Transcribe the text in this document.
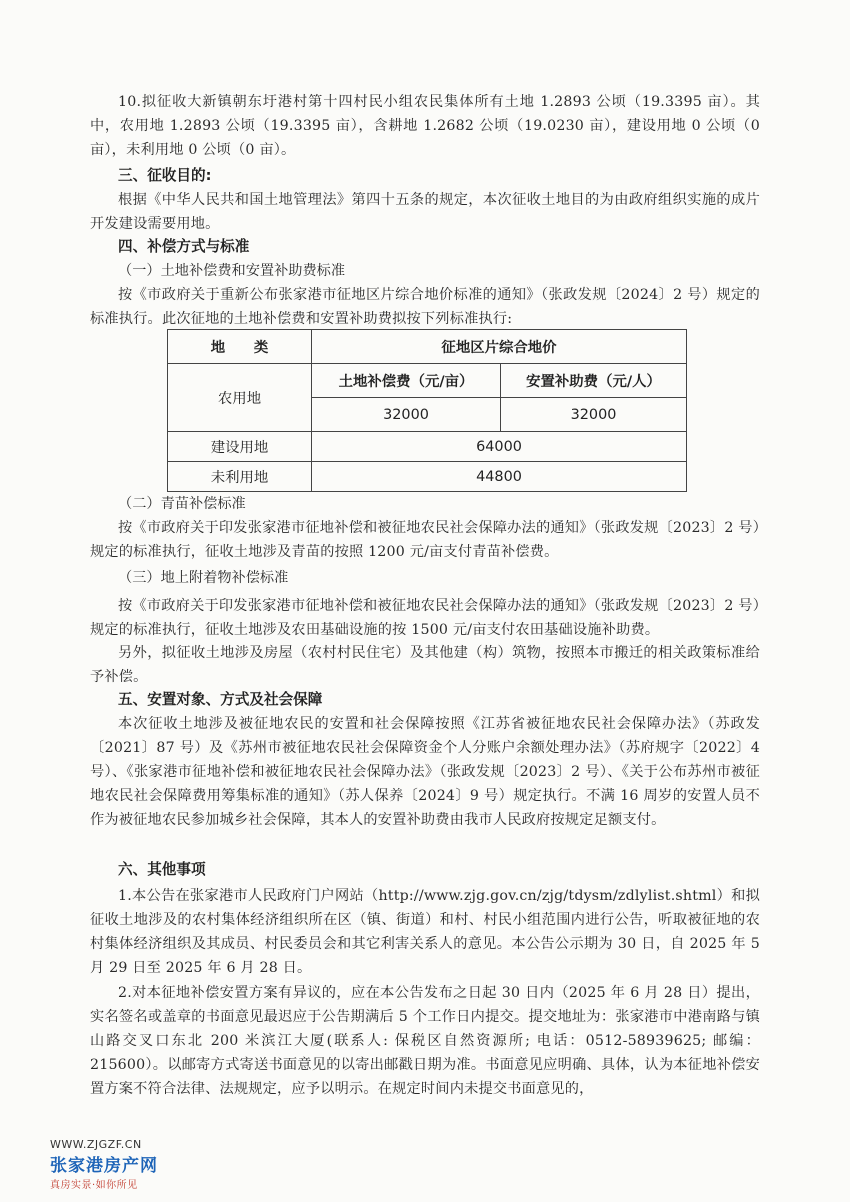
10.拟征收大新镇朝东圩港村第十四村民小组农民集体所有土地 1.2893 公顷（19.3395 亩）。其中，农用地 1.2893 公顷（19.3395 亩），含耕地 1.2682 公顷（19.0230 亩），建设用地 0 公顷（0 亩），未利用地 0 公顷（0 亩）。
三、征收目的:
根据《中华人民共和国土地管理法》第四十五条的规定，本次征收土地目的为由政府组织实施的成片开发建设需要用地。
四、补偿方式与标准
（一）土地补偿费和安置补助费标准
按《市政府关于重新公布张家港市征地区片综合地价标准的通知》（张政发规〔2024〕2 号）规定的标准执行。此次征地的土地补偿费和安置补助费拟按下列标准执行:
地　　类	征地区片综合地价	
农用地	土地补偿费（元/亩）	安置补助费（元/人）
	32000	32000
建设用地	64000	
未利用地	44800	
（二）青苗补偿标准
按《市政府关于印发张家港市征地补偿和被征地农民社会保障办法的通知》（张政发规〔2023〕2 号）规定的标准执行，征收土地涉及青苗的按照 1200 元/亩支付青苗补偿费。
（三）地上附着物补偿标准
按《市政府关于印发张家港市征地补偿和被征地农民社会保障办法的通知》（张政发规〔2023〕2 号）规定的标准执行，征收土地涉及农田基础设施的按 1500 元/亩支付农田基础设施补助费。
另外，拟征收土地涉及房屋（农村村民住宅）及其他建（构）筑物，按照本市搬迁的相关政策标准给予补偿。
五、安置对象、方式及社会保障
本次征收土地涉及被征地农民的安置和社会保障按照《江苏省被征地农民社会保障办法》（苏政发〔2021〕87 号）及《苏州市被征地农民社会保障资金个人分账户余额处理办法》（苏府规字〔2022〕4 号）、《张家港市征地补偿和被征地农民社会保障办法》（张政发规〔2023〕2 号）、《关于公布苏州市被征地农民社会保障费用筹集标准的通知》（苏人保养〔2024〕9 号）规定执行。不满 16 周岁的安置人员不作为被征地农民参加城乡社会保障，其本人的安置补助费由我市人民政府按规定足额支付。
六、其他事项
1.本公告在张家港市人民政府门户网站（http://www.zjg.gov.cn/zjg/tdysm/zdlylist.shtml）和拟征收土地涉及的农村集体经济组织所在区（镇、街道）和村、村民小组范围内进行公告，听取被征地的农村集体经济组织及其成员、村民委员会和其它利害关系人的意见。本公告公示期为 30 日，自 2025 年 5 月 29 日至 2025 年 6 月 28 日。
2.对本征地补偿安置方案有异议的，应在本公告发布之日起 30 日内（2025 年 6 月 28 日）提出，实名签名或盖章的书面意见最迟应于公告期满后 5 个工作日内提交。提交地址为：张家港市中港南路与镇山路交叉口东北 200 米滨江大厦(联系人: 保税区自然资源所; 电话：0512-58939625; 邮编：215600）。以邮寄方式寄送书面意见的以寄出邮戳日期为准。书面意见应明确、具体，认为本征地补偿安置方案不符合法律、法规规定，应予以明示。在规定时间内未提交书面意见的，
WWW.ZJGZF.CN
张家港房产网
真房实景·如你所见
